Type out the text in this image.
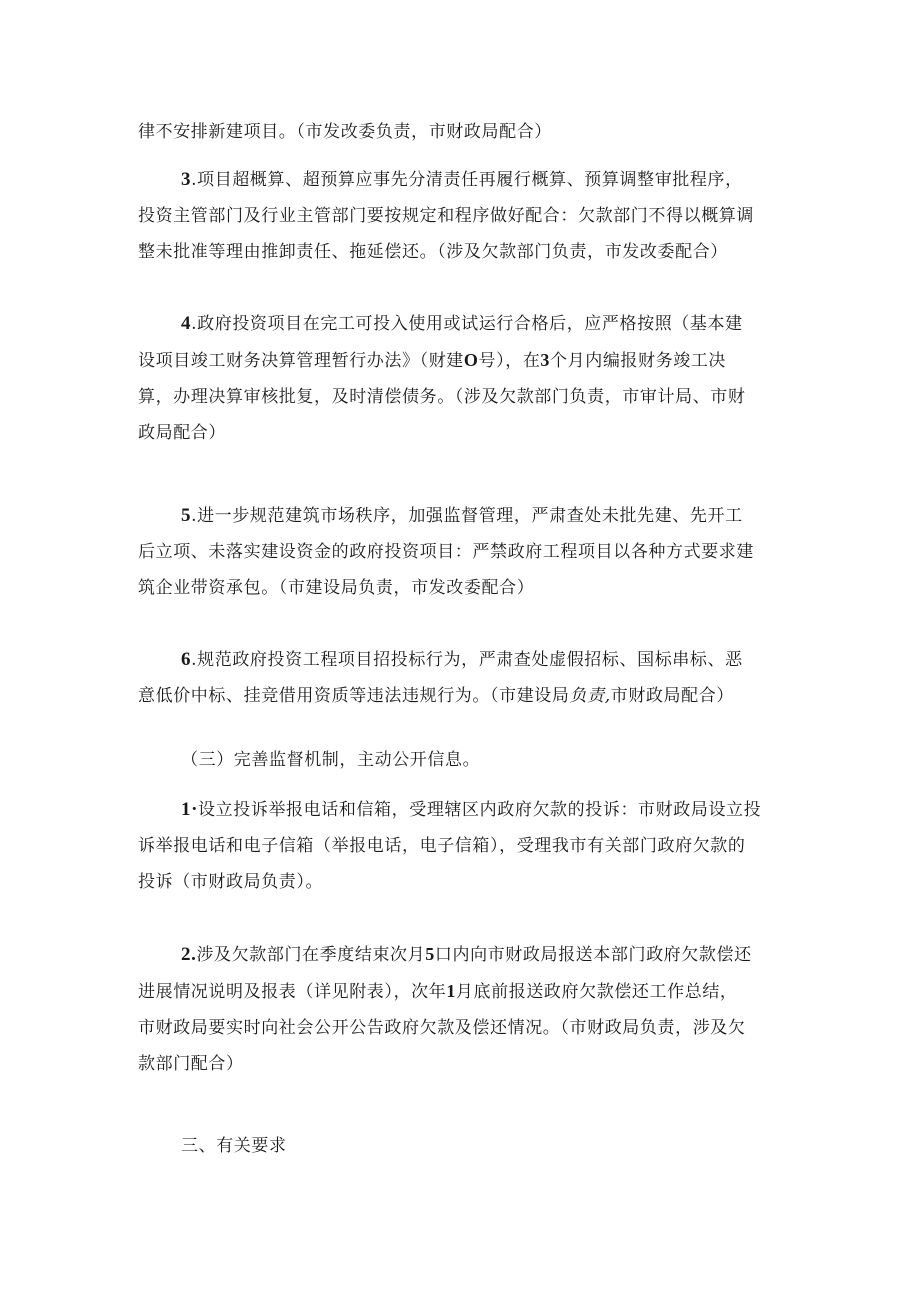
律不安排新建项目。（市发改委负责，市财政局配合）

3.项目超概算、超预算应事先分清责任再履行概算、预算调整审批程序，
投资主管部门及行业主管部门要按规定和程序做好配合：欠款部门不得以概算调
整未批准等理由推卸责任、拖延偿还。（涉及欠款部门负责，市发改委配合）

4.政府投资项目在完工可投入使用或试运行合格后，应严格按照（基本建
设项目竣工财务决算管理暂行办法》（财建O号），在3个月内编报财务竣工决
算，办理决算审核批复，及时清偿债务。（涉及欠款部门负责，市审计局、市财
政局配合）

5.进一步规范建筑市场秩序，加强监督管理，严肃查处未批先建、先开工
后立项、未落实建设资金的政府投资项目：严禁政府工程项目以各种方式要求建
筑企业带资承包。（市建设局负责，市发改委配合）

6.规范政府投资工程项目招投标行为，严肃查处虚假招标、国标串标、恶
意低价中标、挂竞借用资质等违法违规行为。（市建设局负责,市财政局配合）

（三）完善监督机制，主动公开信息。

1·设立投诉举报电话和信箱，受理辖区内政府欠款的投诉：市财政局设立投
诉举报电话和电子信箱（举报电话，电子信箱），受理我市有关部门政府欠款的
投诉（市财政局负责）。

2.涉及欠款部门在季度结束次月5口内向市财政局报送本部门政府欠款偿还
进展情况说明及报表（详见附表），次年1月底前报送政府欠款偿还工作总结，
市财政局要实时向社会公开公告政府欠款及偿还情况。（市财政局负责，涉及欠
款部门配合）

三、有关要求
